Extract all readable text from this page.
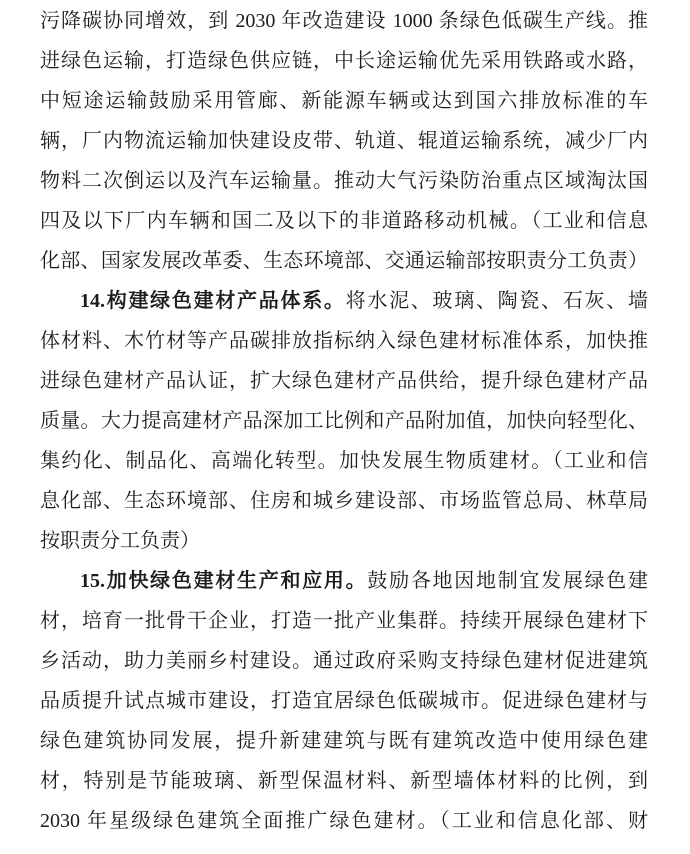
污降碳协同增效，到 2030 年改造建设 1000 条绿色低碳生产线。推
进绿色运输，打造绿色供应链，中长途运输优先采用铁路或水路，
中短途运输鼓励采用管廊、新能源车辆或达到国六排放标准的车
辆，厂内物流运输加快建设皮带、轨道、辊道运输系统，减少厂内
物料二次倒运以及汽车运输量。推动大气污染防治重点区域淘汰国
四及以下厂内车辆和国二及以下的非道路移动机械。（工业和信息
化部、国家发展改革委、生态环境部、交通运输部按职责分工负责）
14.构建绿色建材产品体系。将水泥、玻璃、陶瓷、石灰、墙
体材料、木竹材等产品碳排放指标纳入绿色建材标准体系，加快推
进绿色建材产品认证，扩大绿色建材产品供给，提升绿色建材产品
质量。大力提高建材产品深加工比例和产品附加值，加快向轻型化、
集约化、制品化、高端化转型。加快发展生物质建材。（工业和信
息化部、生态环境部、住房和城乡建设部、市场监管总局、林草局
按职责分工负责）
15.加快绿色建材生产和应用。鼓励各地因地制宜发展绿色建
材，培育一批骨干企业，打造一批产业集群。持续开展绿色建材下
乡活动，助力美丽乡村建设。通过政府采购支持绿色建材促进建筑
品质提升试点城市建设，打造宜居绿色低碳城市。促进绿色建材与
绿色建筑协同发展，提升新建建筑与既有建筑改造中使用绿色建
材，特别是节能玻璃、新型保温材料、新型墙体材料的比例，到
2030 年星级绿色建筑全面推广绿色建材。（工业和信息化部、财
